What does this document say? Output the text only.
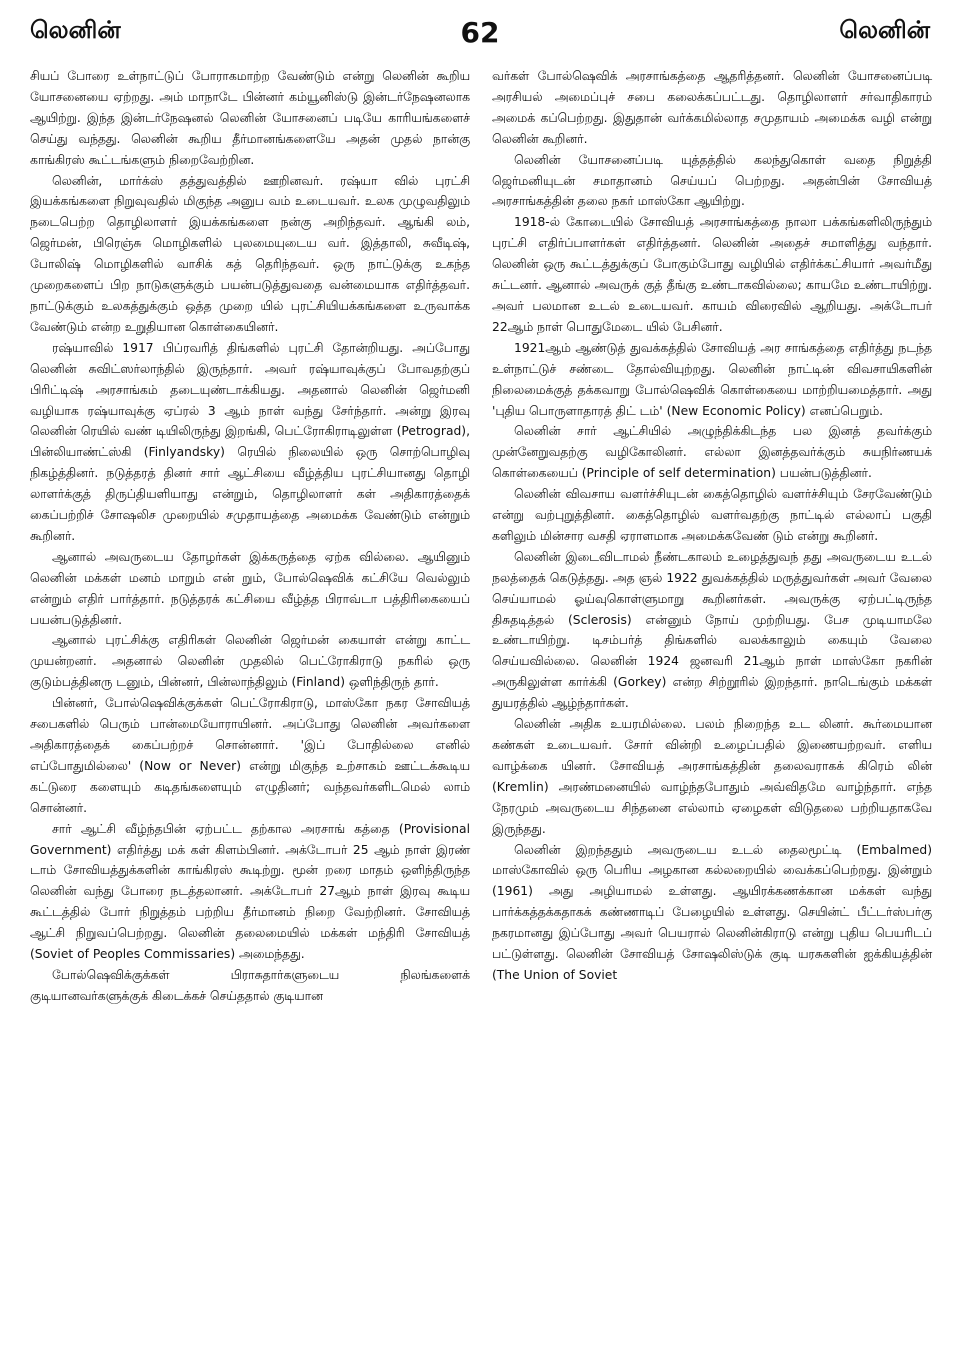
லெனின்	62	லெனின்

சியப் போரை உள்நாட்டுப் போராகமாற்ற வேண்டும் என்று லெனின் கூறிய யோசனையை ஏற்றது. அம் மாநாடே பின்னர் கம்யூனிஸ்டு இன்டர்நேஷனலாக ஆயிற்று. இந்த இன்டர்நேஷனல் லெனின் யோசனைப் படியே காரியங்களைச் செய்து வந்தது. லெனின் கூறிய தீர்மானங்களையே அதன் முதல் நான்கு காங்கிரஸ் கூட்டங்களும் நிறைவேற்றின.

லெனின், மார்க்ஸ் தத்துவத்தில் ஊறினவர். ரஷ்யா வில் புரட்சி இயக்கங்களை நிறுவுவதில் மிகுந்த அனுப வம் உடையவர். உலக முழுவதிலும் நடைபெற்ற தொழிலாளர் இயக்கங்களை நன்கு அறிந்தவர். ஆங்கி லம், ஜெர்மன், பிரெஞ்சு மொழிகளில் புலமையுடைய வர். இத்தாலி, சுவீடிஷ், போலிஷ் மொழிகளில் வாசிக் கத் தெரிந்தவர். ஒரு நாட்டுக்கு உகந்த முறைகளைப் பிற நாடுகளுக்கும் பயன்படுத்துவதை வன்மையாக எதிர்த்தவர். நாட்டுக்கும் உலகத்துக்கும் ஒத்த முறை யில் புரட்சியியக்கங்களை உருவாக்க வேண்டும் என்ற உறுதியான கொள்கையினர்.

ரஷ்யாவில் 1917 பிப்ரவரித் திங்களில் புரட்சி தோன்றியது. அப்போது லெனின் சுவிட்ஸர்லாந்தில் இருந்தார். அவர் ரஷ்யாவுக்குப் போவதற்குப் பிரிட்டிஷ் அரசாங்கம் தடையுண்டாக்கியது. அதனால் லெனின் ஜெர்மனி வழியாக ரஷ்யாவுக்கு ஏப்ரல் 3 ஆம் நாள் வந்து சேர்ந்தார். அன்று இரவு லெனின் ரெயில் வண் டியிலிருந்து இறங்கி, பெட்ரோகிராடிலுள்ள (Petrograd), பின்லியாண்ட்ஸ்கி (Finlyandsky) ரெயில் நிலையில் ஒரு சொற்பொழிவு நிகழ்த்தினர். நடுத்தரத் தினர் சார் ஆட்சியை வீழ்த்திய புரட்சியானது தொழி லாளர்க்குத் திருப்தியளியாது என்றும், தொழிலாளர் கள் அதிகாரத்தைக் கைப்பற்றிச் சோஷலிச முறையில் சமுதாயத்தை அமைக்க வேண்டும் என்றும் கூறினர்.

ஆனால் அவருடைய தோழர்கள் இக்கருத்தை ஏற்க வில்லை. ஆயினும் லெனின் மக்கள் மனம் மாறும் என் றும், போல்ஷெவிக் கட்சியே வெல்லும் என்றும் எதிர் பார்த்தார். நடுத்தரக் கட்சியை வீழ்த்த பிராவ்டா பத்திரிகையைப் பயன்படுத்தினர்.

ஆனால் புரட்சிக்கு எதிரிகள் லெனின் ஜெர்மன் கையாள் என்று காட்ட முயன்றனர். அதனால் லெனின் முதலில் பெட்ரோகிராடு நகரில் ஒரு குடும்பத்தினரு டனும், பின்னர், பின்லாந்திலும் (Finland) ஒளிந்திருந் தார்.

பின்னர், போல்ஷெவிக்குக்கள் பெட்ரோகிராடு, மாஸ்கோ நகர சோவியத் சபைகளில் பெரும் பான்மையோராயினர். அப்போது லெனின் அவர்களை அதிகாரத்தைக் கைப்பற்றச் சொன்னார். 'இப் போதில்லை எனில் எப்போதுமில்லை' (Now or Never) என்று மிகுந்த உற்சாகம் ஊட்டக்கூடிய கட்டுரை களையும் கடிதங்களையும் எழுதினர்; வந்தவர்களிடமெல் லாம் சொன்னர்.

சார் ஆட்சி வீழ்ந்தபின் ஏற்பட்ட தற்கால அரசாங் கத்தை (Provisional Government) எதிர்த்து மக் கள் கிளம்பினர். அக்டோபர் 25 ஆம் நாள் இரண் டாம் சோவியத்துக்களின் காங்கிரஸ் கூடிற்று. மூன் றரை மாதம் ஒளிந்திருந்த லெனின் வந்து போரை நடத்தலானர். அக்டோபர் 27ஆம் நாள் இரவு கூடிய கூட்டத்தில் போர் நிறுத்தம் பற்றிய தீர்மானம் நிறை வேற்றினர். சோவியத் ஆட்சி நிறுவப்பெற்றது. லெனின் தலைமையில் மக்கள் மந்திரி சோவியத் (Soviet of Peoples Commissaries) அமைந்தது.

போல்ஷெவிக்குக்கள் பிராசுதார்களுடைய நிலங்களைக் குடியானவர்களுக்குக் கிடைக்கச் செய்ததால் குடியான

வர்கள் போல்ஷெவிக் அரசாங்கத்தை ஆதரித்தனர். லெனின் யோசனைப்படி அரசியல் அமைப்புச் சபை கலைக்கப்பட்டது. தொழிலாளர் சர்வாதிகாரம் அமைக் கப்பெற்றது. இதுதான் வர்க்கமில்லாத சமுதாயம் அமைக்க வழி என்று லெனின் கூறினர்.

லெனின் யோசனைப்படி யுத்தத்தில் கலந்துகொள் வதை நிறுத்தி ஜெர்மனியுடன் சமாதானம் செய்யப் பெற்றது. அதன்பின் சோவியத் அரசாங்கத்தின் தலை நகர் மாஸ்கோ ஆயிற்று.

1918-ல் கோடையில் சோவியத் அரசாங்கத்தை நாலா பக்கங்களிலிருந்தும் புரட்சி எதிர்ப்பாளர்கள் எதிர்த்தனர். லெனின் அதைச் சமாளித்து வந்தார். லெனின் ஒரு கூட்டத்துக்குப் போகும்போது வழியில் எதிர்க்கட்சியார் அவர்மீது சுட்டனர். ஆனால் அவருக் குத் தீங்கு உண்டாகவில்லை; காயமே உண்டாயிற்று. அவர் பலமான உடல் உடையவர். காயம் விரைவில் ஆறியது. அக்டோபர் 22ஆம் நாள் பொதுமேடை யில் பேசினர்.

1921ஆம் ஆண்டுத் துவக்கத்தில் சோவியத் அர சாங்கத்தை எதிர்த்து நடந்த உள்நாட்டுச் சண்டை தோல்வியுற்றது. லெனின் நாட்டின் விவசாயிகளின் நிலைமைக்குத் தக்கவாறு போல்ஷெவிக் கொள்கையை மாற்றியமைத்தார். அது 'புதிய பொருளாதாரத் திட் டம்' (New Economic Policy) எனப்பெறும்.

லெனின் சார் ஆட்சியில் அழுந்திக்கிடந்த பல இனத் தவர்க்கும் முன்னேறுவதற்கு வழிகோலினர். எல்லா இனத்தவர்க்கும் சுயநிர்ணயக் கொள்கையைப் (Principle of self determination) பயன்படுத்தினர்.

லெனின் விவசாய வளர்ச்சியுடன் கைத்தொழில் வளர்ச்சியும் சேரவேண்டும் என்று வற்புறுத்தினர். கைத்தொழில் வளர்வதற்கு நாட்டில் எல்லாப் பகுதி களிலும் மின்சார வசதி ஏராளமாக அமைக்கவேண் டும் என்று கூறினர்.

லெனின் இடைவிடாமல் நீண்டகாலம் உழைத்துவந் தது அவருடைய உடல் நலத்தைக் கெடுத்தது. அத ஞல் 1922 துவக்கத்தில் மருத்துவர்கள் அவர் வேலை செய்யாமல் ஓய்வுகொள்ளுமாறு கூறினர்கள். அவருக்கு ஏற்பட்டிருந்த திசுதடித்தல் (Sclerosis) என்னும் நோய் முற்றியது. பேச முடியாமலே உண்டாயிற்று. டிசம்பர்த் திங்களில் வலக்காலும் கையும் வேலை செய்யவில்லை. லெனின் 1924 ஜனவரி 21ஆம் நாள் மாஸ்கோ நகரின் அருகிலுள்ள கார்க்கி (Gorkey) என்ற சிற்றூரில் இறந்தார். நாடெங்கும் மக்கள் துயரத்தில் ஆழ்ந்தார்கள்.

லெனின் அதிக உயரமில்லை. பலம் நிறைந்த உட லினர். கூர்மையான கண்கள் உடையவர். சோர் வின்றி உழைப்பதில் இணையற்றவர். எளிய வாழ்க்கை யினர். சோவியத் அரசாங்கத்தின் தலைவராகக் கிரெம் லின் (Kremlin) அரண்மனையில் வாழ்ந்தபோதும் அவ்விதமே வாழ்ந்தார். எந்த நேரமும் அவருடைய சிந்தனை எல்லாம் ஏழைகள் விடுதலை பற்றியதாகவே இருந்தது.

லெனின் இறந்ததும் அவருடைய உடல் தைலமூட்டி (Embalmed) மாஸ்கோவில் ஒரு பெரிய அழகான கல்லறையில் வைக்கப்பெற்றது. இன்றும் (1961) அது அழியாமல் உள்ளது. ஆயிரக்கணக்கான மக்கள் வந்து பார்க்கத்தக்கதாகக் கண்ணாடிப் பேழையில் உள்ளது. செயின்ட் பீட்டர்ஸ்பர்கு நகரமானது இப்போது அவர் பெயரால் லெனின்கிராடு என்று புதிய பெயரிடப் பட்டுள்ளது. லெனின் சோவியத் சோஷலிஸ்டுக் குடி யரசுகளின் ஐக்கியத்தின் (The Union of Soviet
